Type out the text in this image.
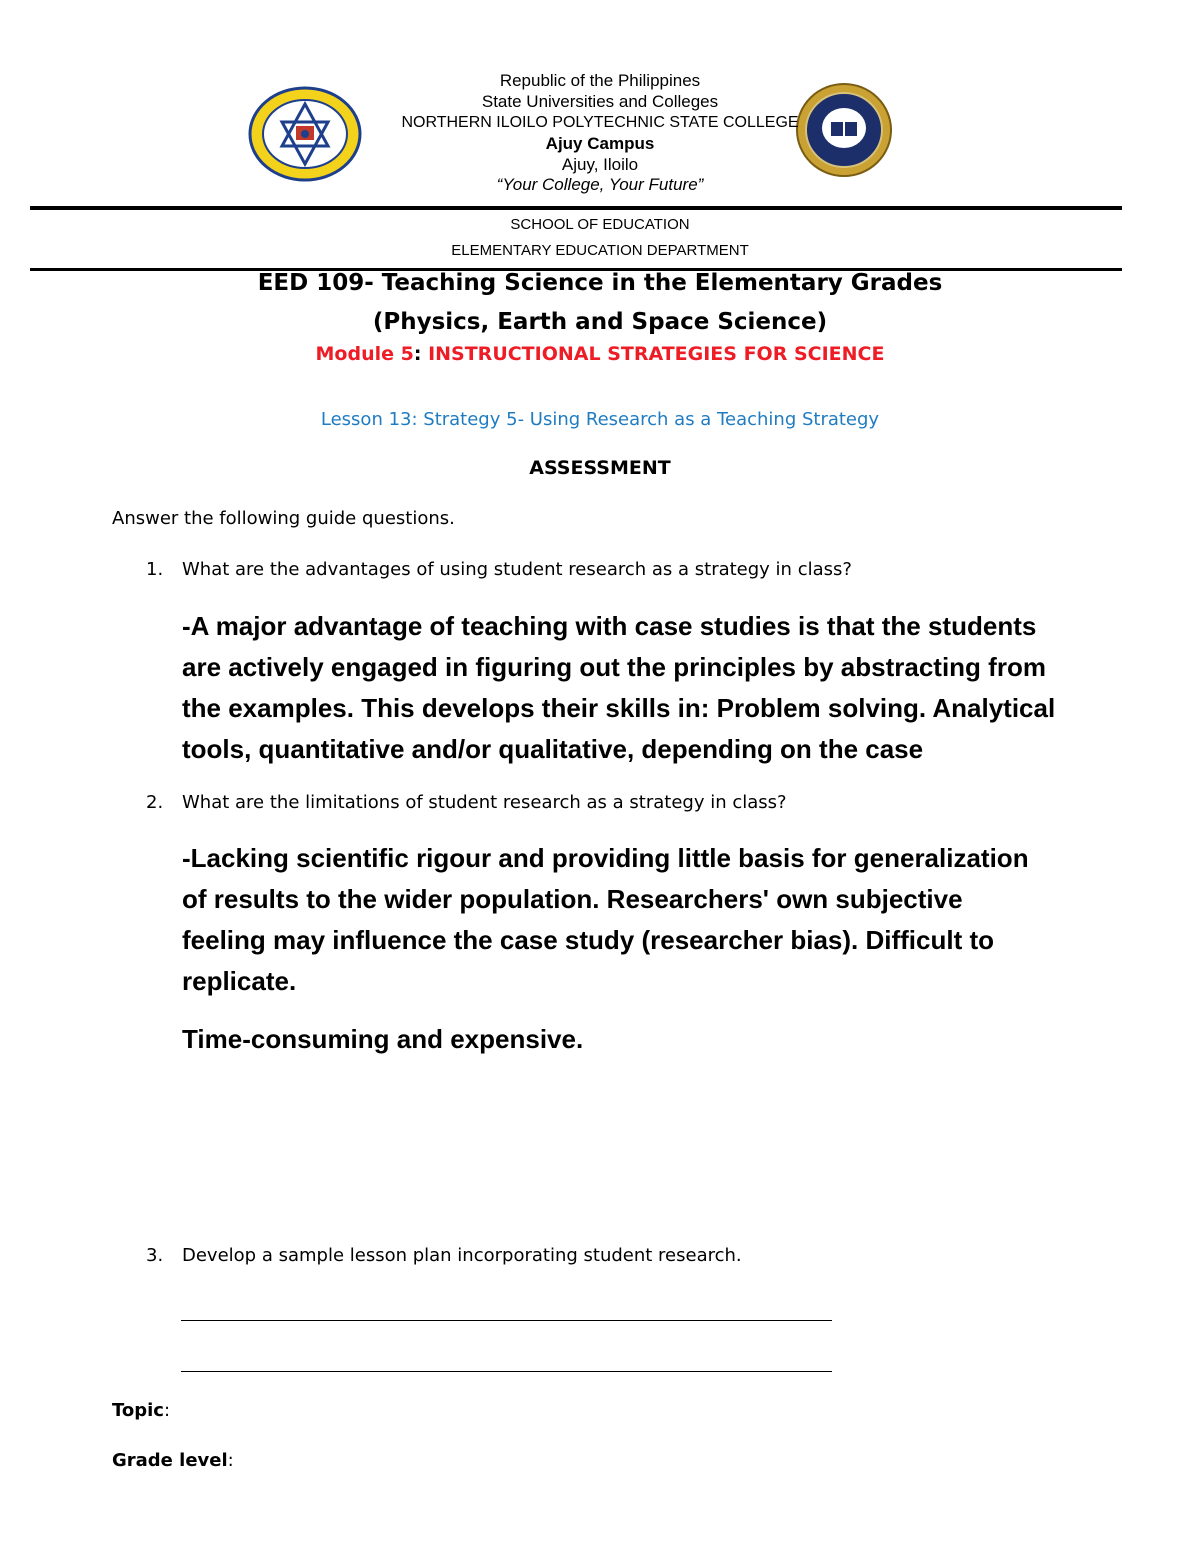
Republic of the Philippines
State Universities and Colleges
NORTHERN ILOILO POLYTECHNIC STATE COLLEGE
Ajuy Campus
Ajuy, Iloilo
“Your College, Your Future”
SCHOOL OF EDUCATION
ELEMENTARY EDUCATION DEPARTMENT
EED 109- Teaching Science in the Elementary Grades
(Physics, Earth and Space Science)
Module 5: INSTRUCTIONAL STRATEGIES FOR SCIENCE
Lesson 13: Strategy 5- Using Research as a Teaching Strategy
ASSESSMENT
Answer the following guide questions.
1. What are the advantages of using student research as a strategy in class?
-A major advantage of teaching with case studies is that the students
are actively engaged in figuring out the principles by abstracting from
the examples. This develops their skills in: Problem solving. Analytical
tools, quantitative and/or qualitative, depending on the case
2. What are the limitations of student research as a strategy in class?
-Lacking scientific rigour and providing little basis for generalization
of results to the wider population. Researchers' own subjective
feeling may influence the case study (researcher bias). Difficult to
replicate.
Time-consuming and expensive.
3. Develop a sample lesson plan incorporating student research.
Topic:
Grade level:
